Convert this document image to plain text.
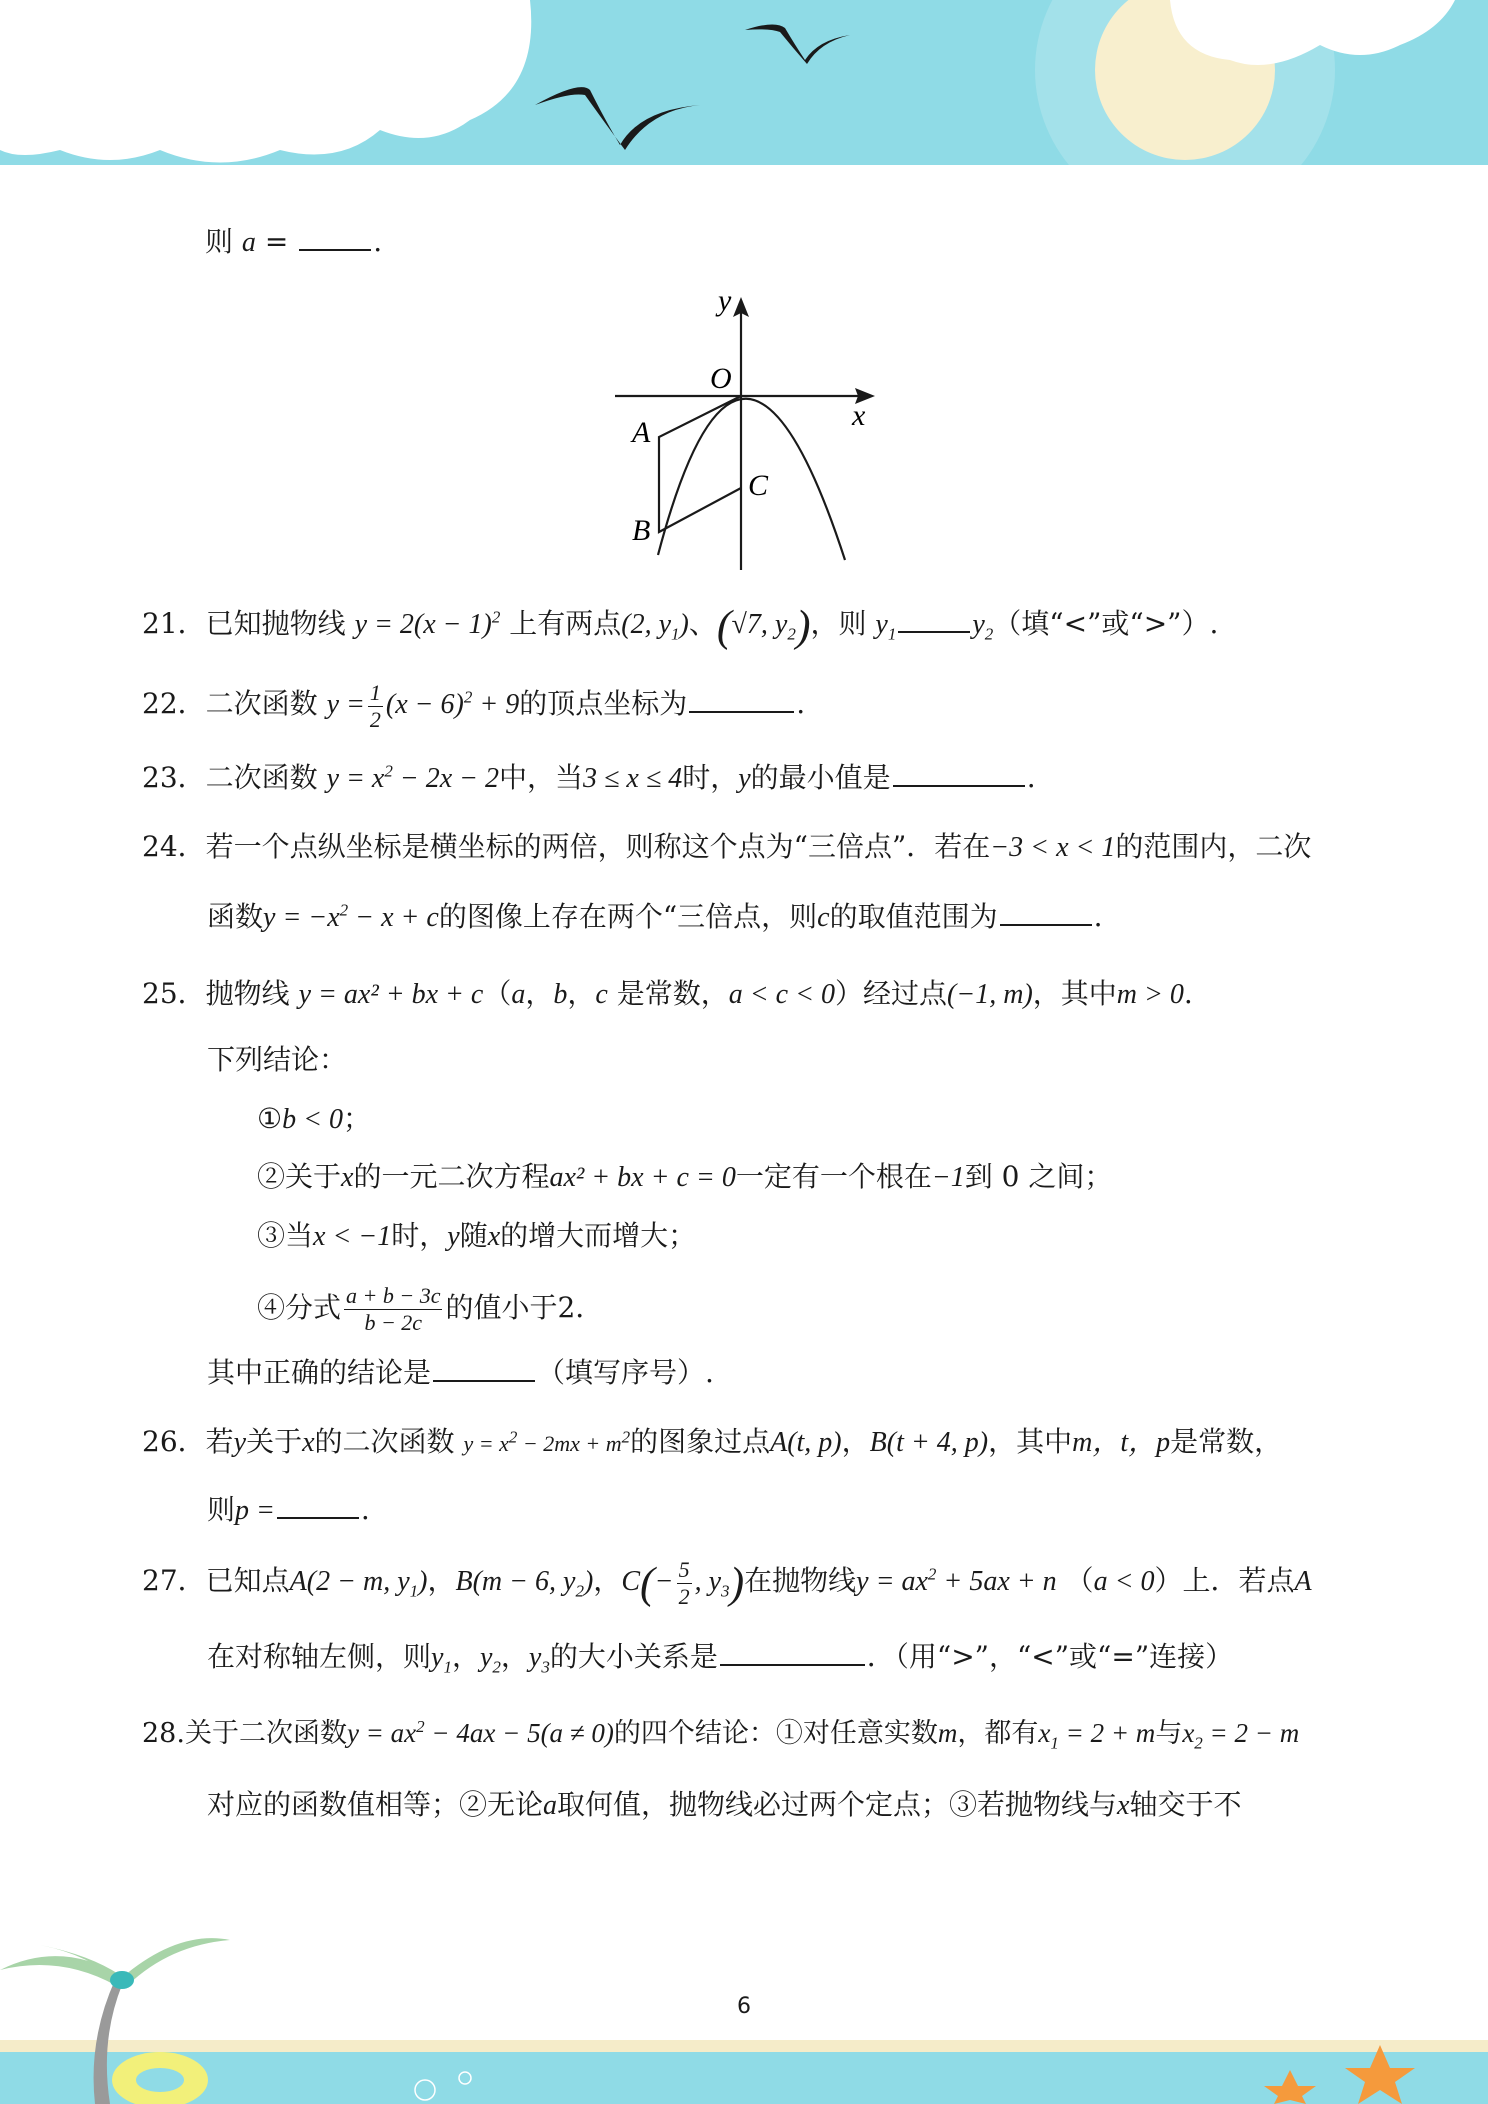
则 a =	.
y
x
O
A
B
C
21．已知抛物线 $y = 2(x - 1)^2$ 上有两点(2, $y_1$)、(√7, $y_2$)，则 $y_1$	$y_2$（填“<”或“>”）.
22．二次函数 $y = \frac{1}{2} (x - 6)^2 + 9$的顶点坐标为	.
23．二次函数 $y = x^2 - 2x - 2$中，当3 ≤ x ≤ 4时，y的最小值是	.
24．若一个点纵坐标是横坐标的两倍，则称这个点为“三倍点”．若在−3 < x < 1的范围内，二次
函数$y = -x^2 - x + c$的图像上存在两个“三倍点，则c的取值范围为	.
25．抛物线 y = ax² + bx + c（a，b，c 是常数，a < c < 0）经过点(−1, m)，其中m > 0.
下列结论：
①b < 0；
②关于x的一元二次方程ax² + bx + c = 0一定有一个根在−1到 0 之间；
③当x < −1时，y随x的增大而增大；
④分式 $\frac{a + b - 3c}{b - 2c}$ 的值小于2．
其中正确的结论是	（填写序号）.
26．若y关于x的二次函数 $y = x^2 - 2mx + m^2$的图象过点A(t, p)，B(t + 4, p)，其中m，t，p是常数，
则p =	.
27．已知点A(2 − m, $y_1$)，B(m − 6, $y_2$)，$C(- \frac{5}{2}$ , $y_3$)在抛物线$y = ax^2 + 5ax + n$ （a < 0）上．若点A
在对称轴左侧，则$y_1$，$y_2$，$y_3$的大小关系是	．（用“>”，“<”或“=”连接）
28.关于二次函数$y = ax^2 - 4ax - 5(a \ne 0)$的四个结论：①对任意实数m，都有$x_1 = 2 + m$与$x_2 = 2 - m$
对应的函数值相等；②无论a取何值，抛物线必过两个定点；③若抛物线与x轴交于不
6
